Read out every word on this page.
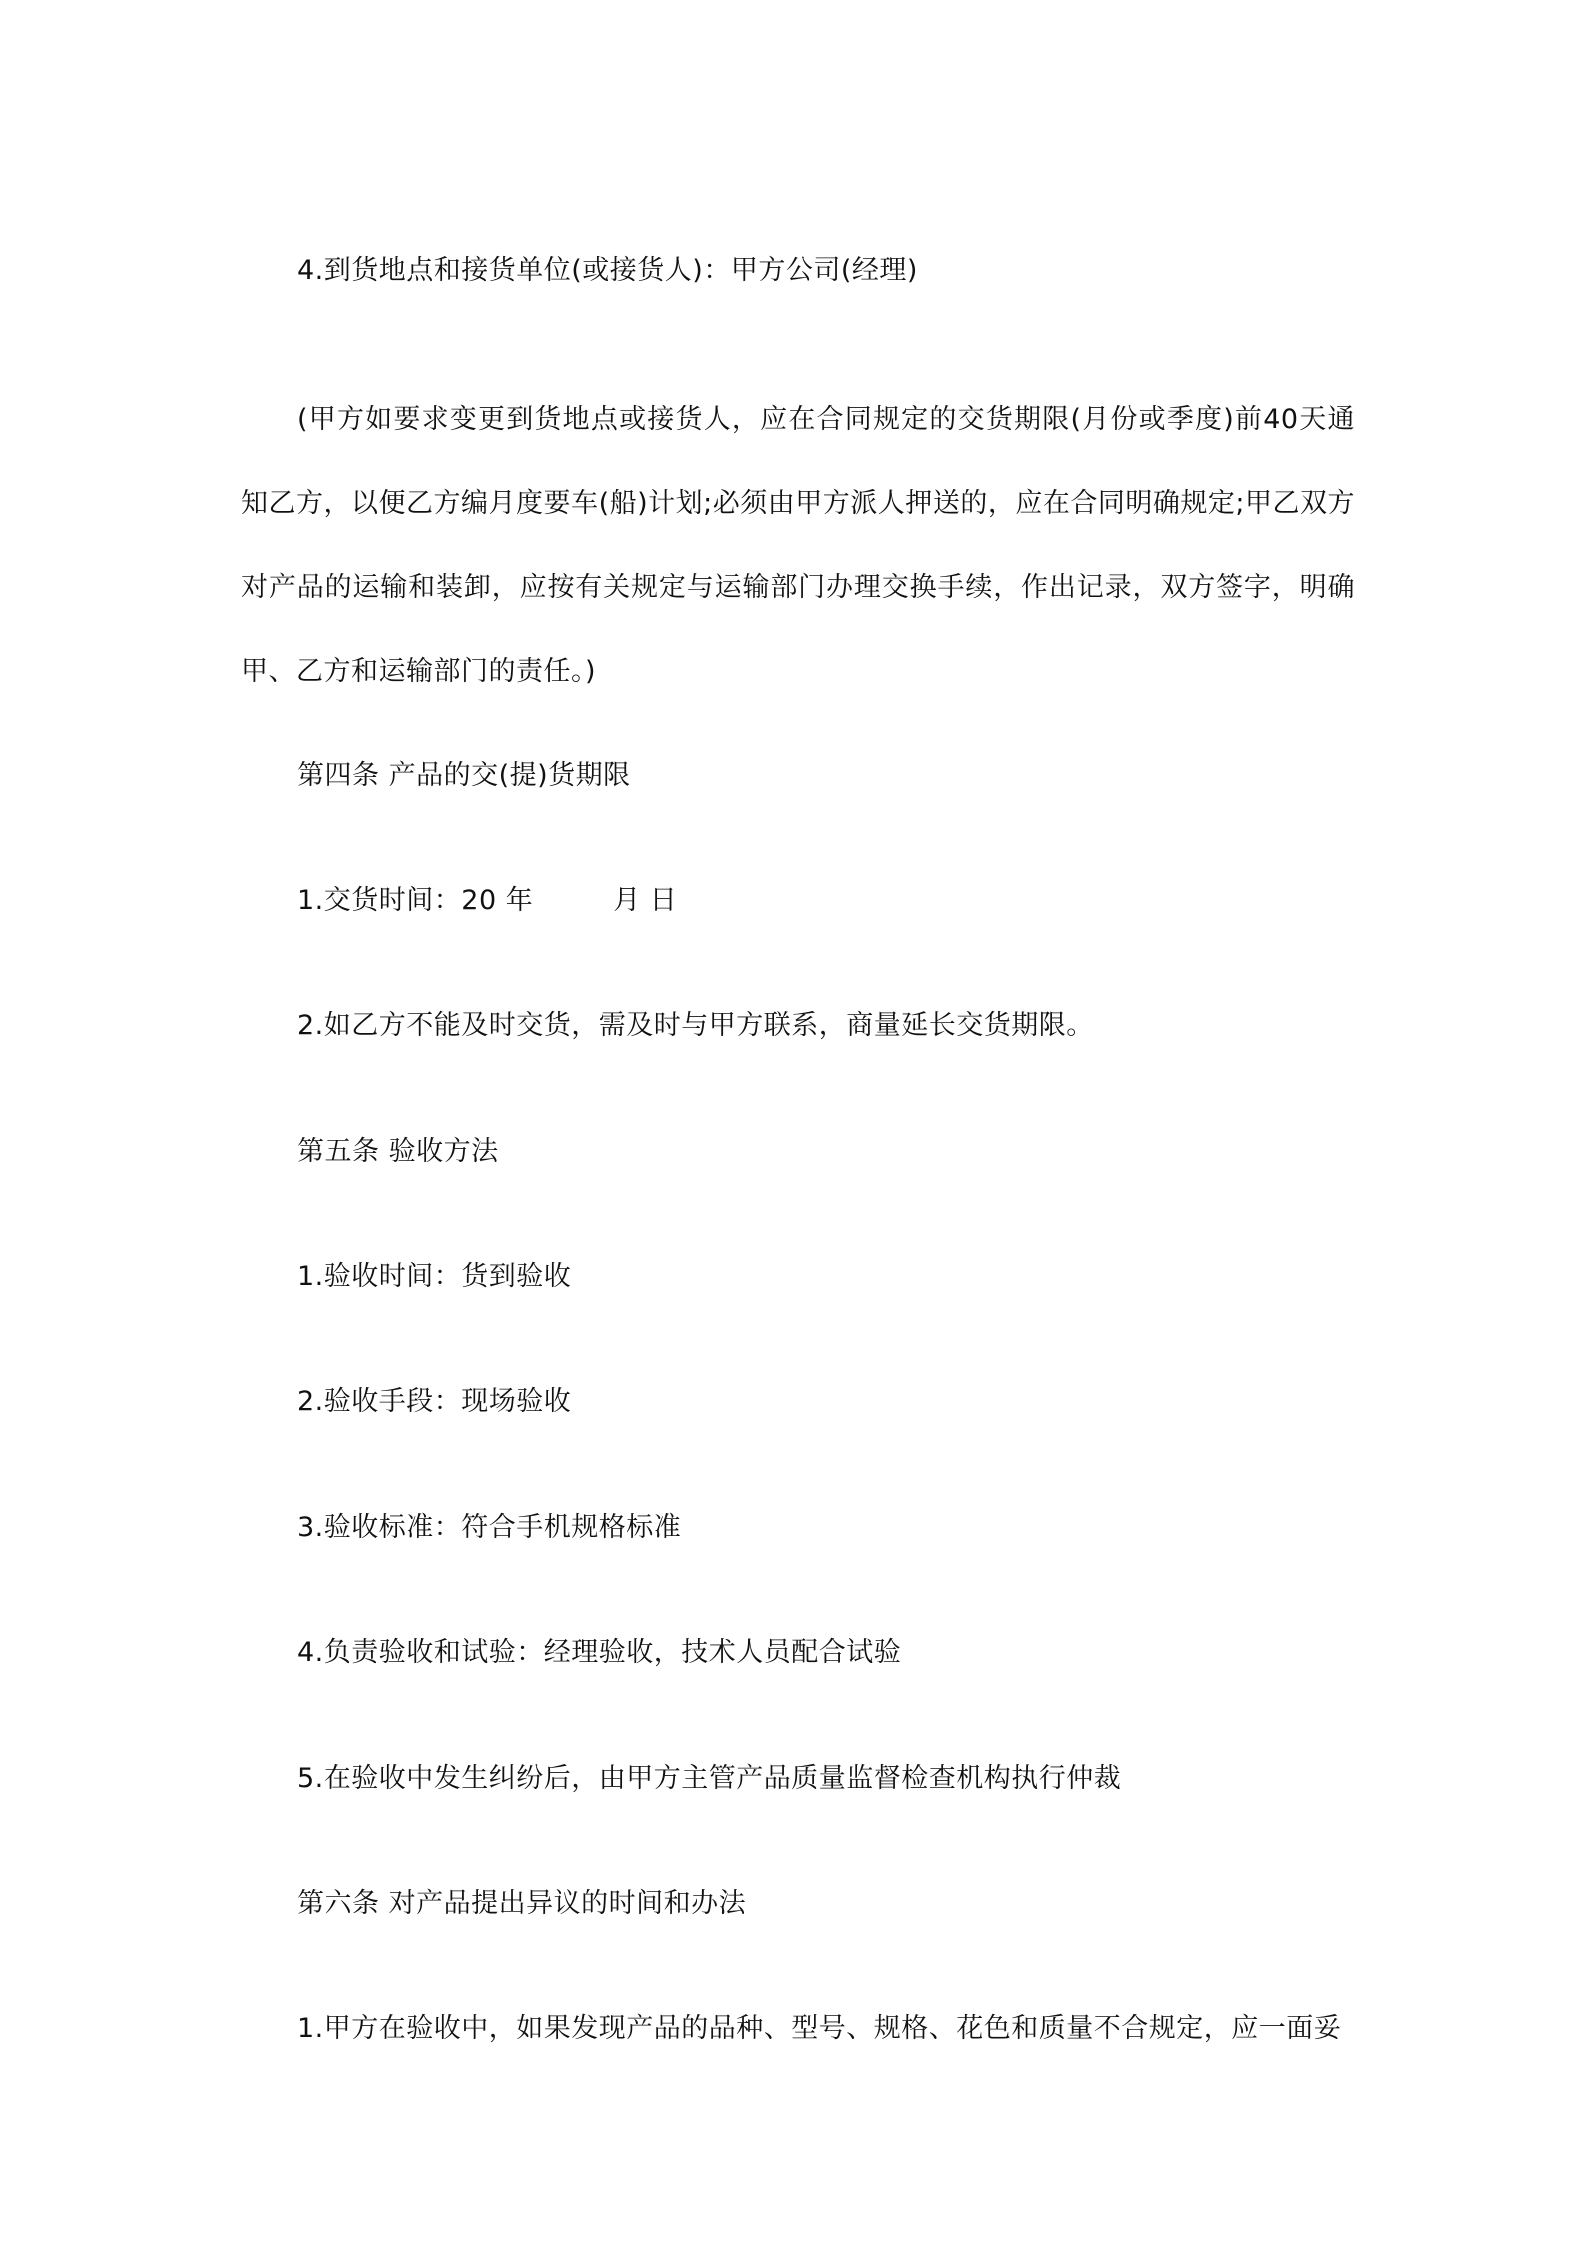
4.到货地点和接货单位(或接货人)：甲方公司(经理)
(甲方如要求变更到货地点或接货人，应在合同规定的交货期限(月份或季度)前40天通知乙方，以便乙方编月度要车(船)计划;必须由甲方派人押送的，应在合同明确规定;甲乙双方对产品的运输和装卸，应按有关规定与运输部门办理交换手续，作出记录，双方签字，明确甲、乙方和运输部门的责任。)
第四条 产品的交(提)货期限
1.交货时间：20 年	月 日
2.如乙方不能及时交货，需及时与甲方联系，商量延长交货期限。
第五条 验收方法
1.验收时间：货到验收
2.验收手段：现场验收
3.验收标准：符合手机规格标准
4.负责验收和试验：经理验收，技术人员配合试验
5.在验收中发生纠纷后，由甲方主管产品质量监督检查机构执行仲裁
第六条 对产品提出异议的时间和办法
1.甲方在验收中，如果发现产品的品种、型号、规格、花色和质量不合规定，应一面妥
